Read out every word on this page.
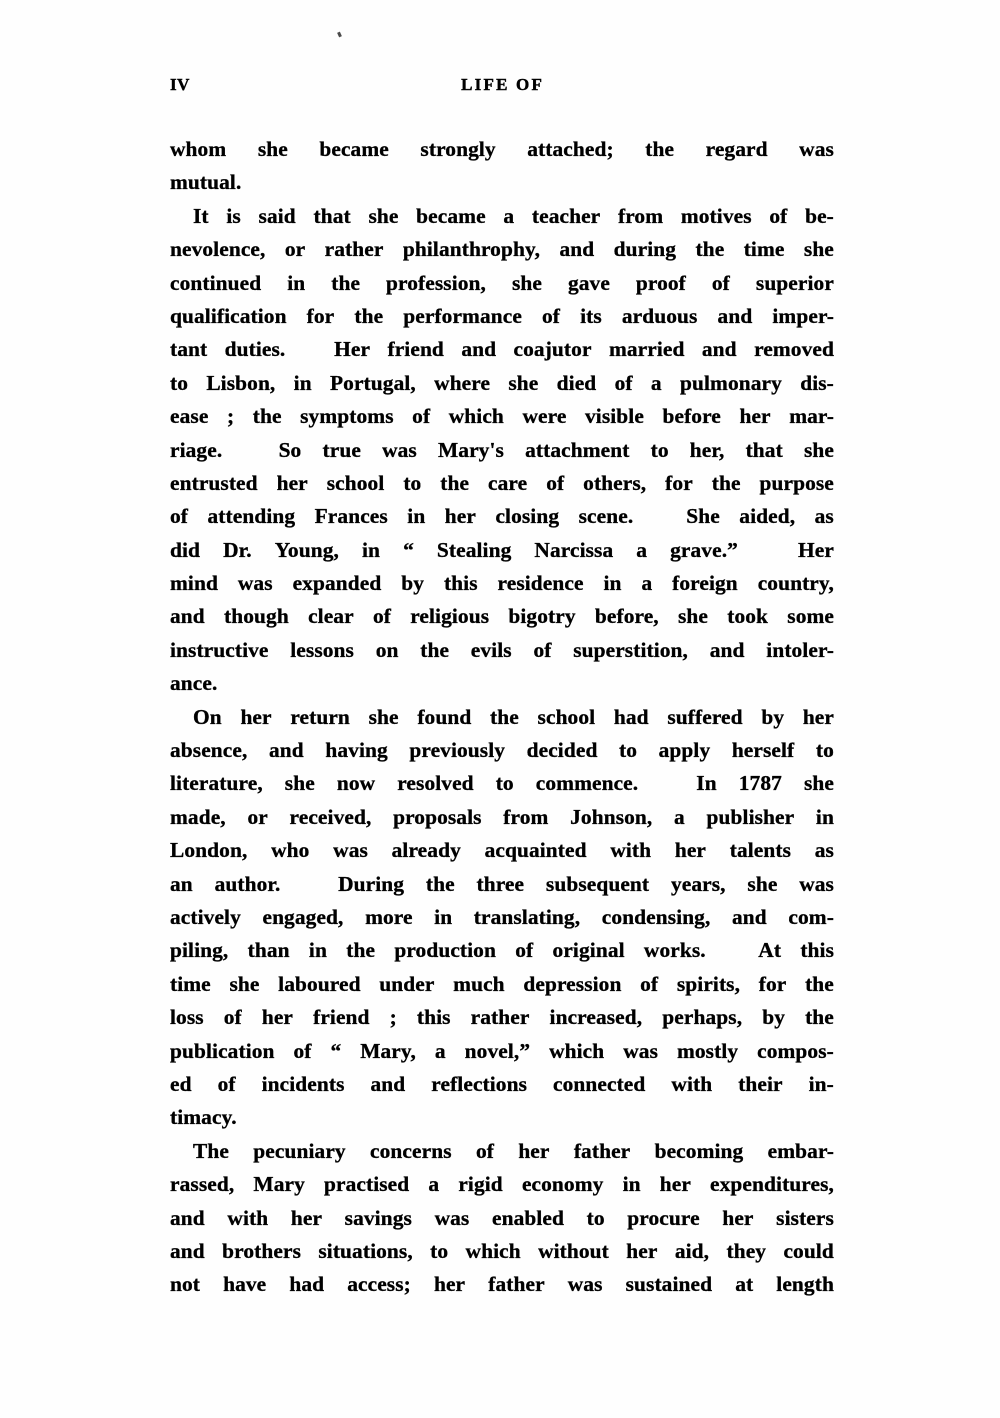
IV	LIFE OF
whom she became strongly attached; the regard was
mutual.
It is said that she became a teacher from motives of be-
nevolence, or rather philanthrophy, and during the time she
continued in the profession, she gave proof of superior
qualification for the performance of its arduous and imper-
tant duties. Her friend and coajutor married and removed
to Lisbon, in Portugal, where she died of a pulmonary dis-
ease ; the symptoms of which were visible before her mar-
riage.	So true was Mary's attachment to her, that she
entrusted her school to the care of others, for the purpose
of attending Frances in her closing scene. She aided, as
did Dr. Young, in “ Stealing Narcissa a grave.”	Her
mind was expanded by this residence in a foreign country,
and though clear of religious bigotry before, she took some
instructive lessons on the evils of superstition, and intoler-
ance.
On her return she found the school had suffered by her
absence, and having previously decided to apply herself to
literature, she now resolved to commence.	In 1787 she
made, or received, proposals from Johnson, a publisher in
London, who was already acquainted with her talents as
an author.	During the three subsequent years, she was
actively engaged, more in translating, condensing, and com-
piling, than in the production of original works. At this
time she laboured under much depression of spirits, for the
loss of her friend ; this rather increased, perhaps, by the
publication of “ Mary, a novel,” which was mostly compos-
ed of incidents and reflections connected with their in-
timacy.
The pecuniary concerns of her father becoming embar-
rassed, Mary practised a rigid economy in her expenditures,
and with her savings was enabled to procure her sisters
and brothers situations, to which without her aid, they could
not have had access; her father was sustained at length
